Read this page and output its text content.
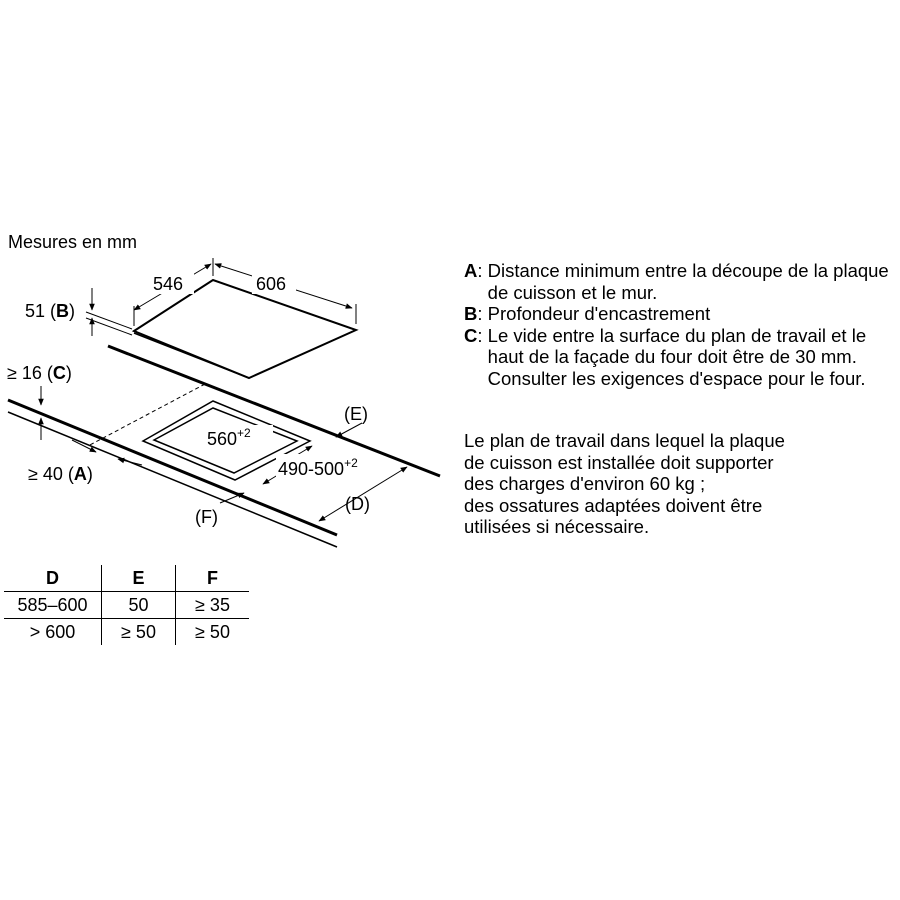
Mesures en mm
546	606
51 (B)
$560^{+2}$
$490-500^{+2}$
(E)
(D)
(F)
≥ 16 (C)
≥ 40 (A)
A : Distance minimum entre la découpe de la plaque de cuisson et le mur.
B : Profondeur d'encastrement
C : Le vide entre la surface du plan de travail et le haut de la façade du four doit être de 30 mm. Consulter les exigences d'espace pour le four.
Le plan de travail dans lequel la plaque
de cuisson est installée doit supporter
des charges d'environ 60 kg ;
des ossatures adaptées doivent être
utilisées si nécessaire.
D	E	F
585–600	50	≥ 35
> 600	≥ 50	≥ 50
